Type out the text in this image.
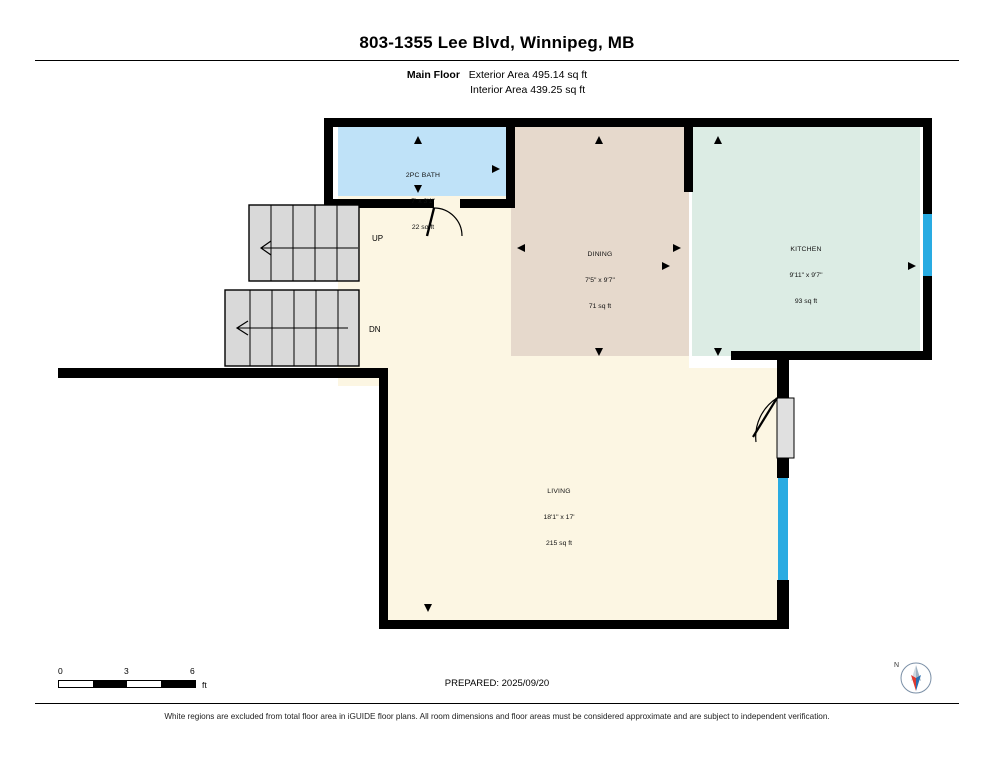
803-1355 Lee Blvd, Winnipeg, MB
Main Floor Exterior Area 495.14 sq ft
Interior Area 439.25 sq ft
UP
DN

2PC BATH

7' x 3'1"

22 sq ft

DINING

7'5" x 9'7"

71 sq ft

KITCHEN

9'11" x 9'7"

93 sq ft

LIVING

18'1" x 17'

215 sq ft

0	3	6
ft	PREPARED: 2025/09/20
N
White regions are excluded from total floor area in iGUIDE floor plans. All room dimensions and floor areas must be considered approximate and are subject to independent verification.
